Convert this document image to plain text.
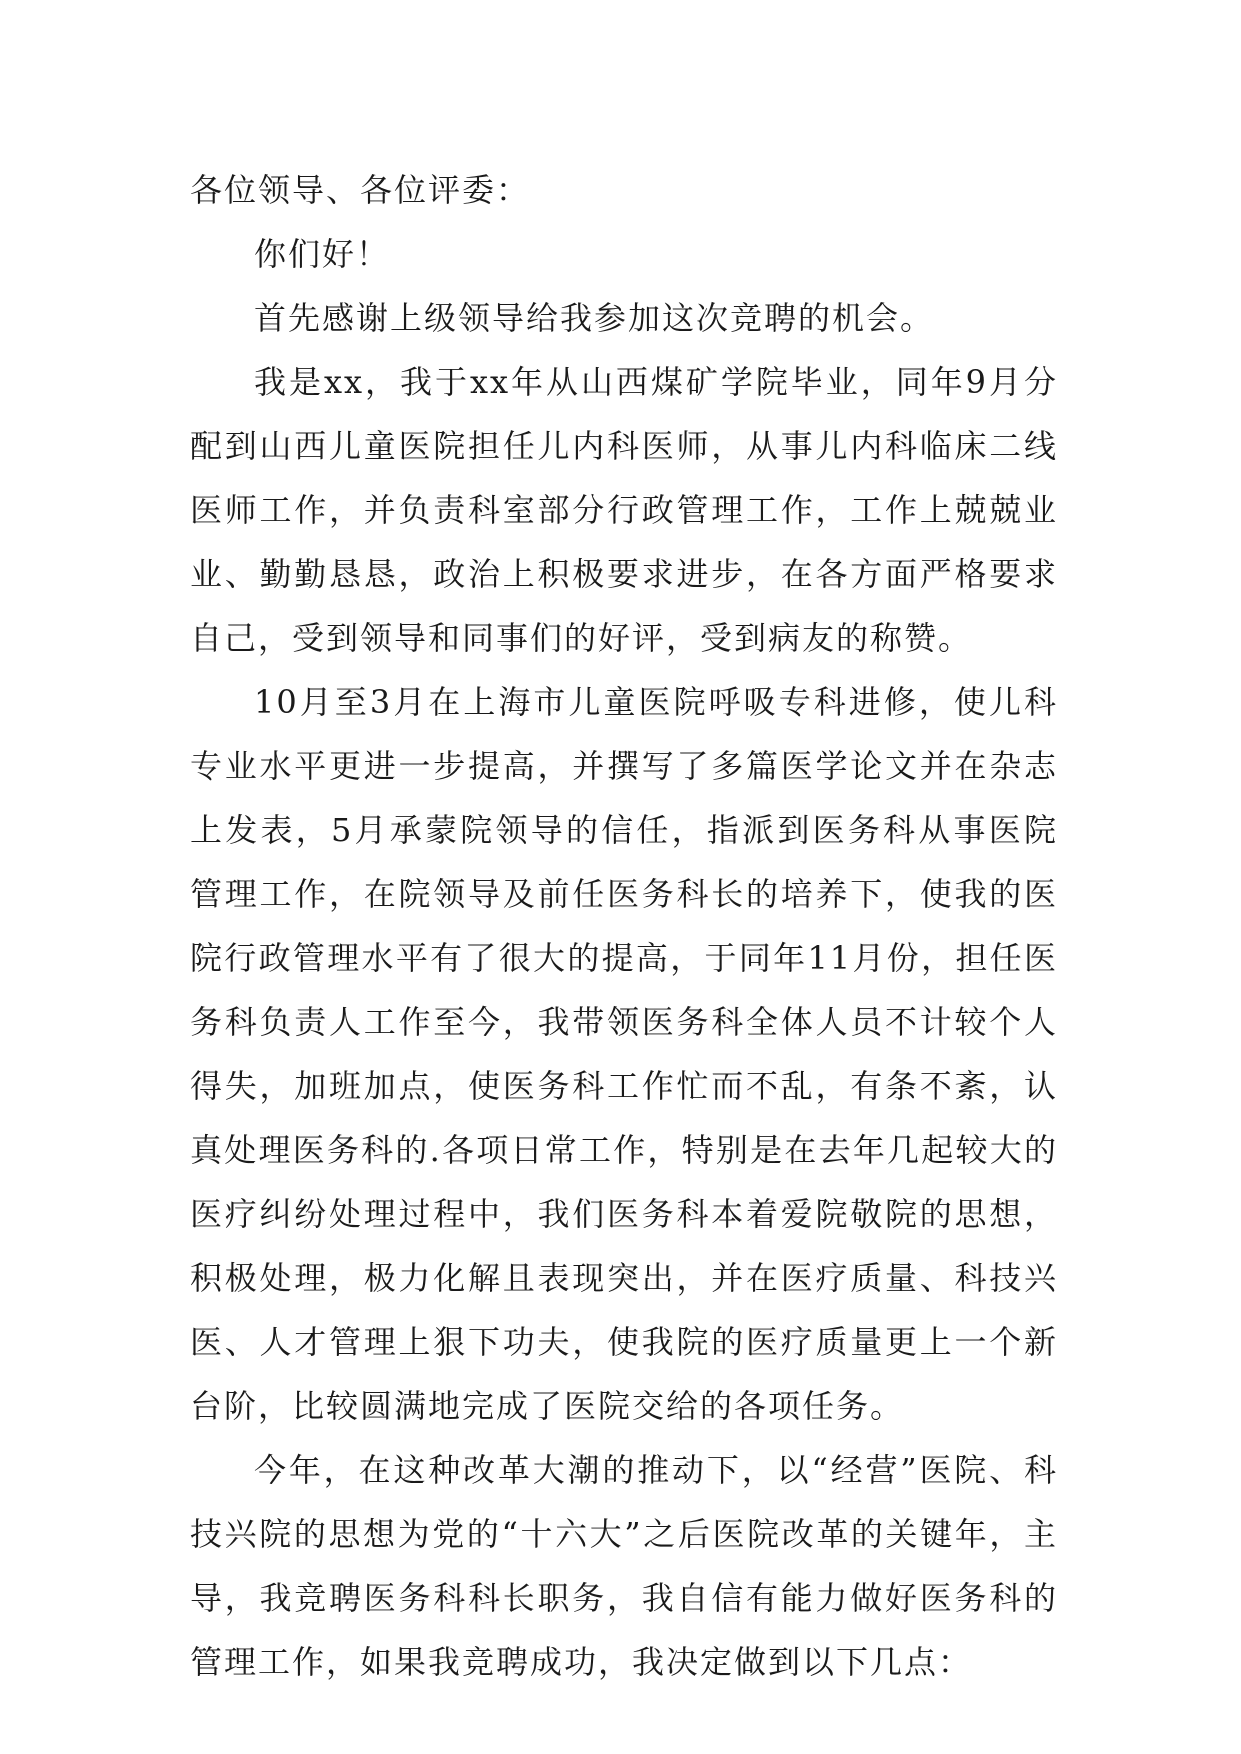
各位领导、各位评委：

你们好！

首先感谢上级领导给我参加这次竞聘的机会。

我是xx，我于xx年从山西煤矿学院毕业，同年9月分配到山西儿童医院担任儿内科医师，从事儿内科临床二线医师工作，并负责科室部分行政管理工作，工作上兢兢业业、勤勤恳恳，政治上积极要求进步，在各方面严格要求自己，受到领导和同事们的好评，受到病友的称赞。

10月至3月在上海市儿童医院呼吸专科进修，使儿科专业水平更进一步提高，并撰写了多篇医学论文并在杂志上发表，5月承蒙院领导的信任，指派到医务科从事医院管理工作，在院领导及前任医务科长的培养下，使我的医院行政管理水平有了很大的提高，于同年11月份，担任医务科负责人工作至今，我带领医务科全体人员不计较个人得失，加班加点，使医务科工作忙而不乱，有条不紊，认真处理医务科的.各项日常工作，特别是在去年几起较大的医疗纠纷处理过程中，我们医务科本着爱院敬院的思想，积极处理，极力化解且表现突出，并在医疗质量、科技兴医、人才管理上狠下功夫，使我院的医疗质量更上一个新台阶，比较圆满地完成了医院交给的各项任务。

今年，在这种改革大潮的推动下，以“经营”医院、科技兴院的思想为党的“十六大”之后医院改革的关键年，主导，我竞聘医务科科长职务，我自信有能力做好医务科的管理工作，如果我竞聘成功，我决定做到以下几点：
